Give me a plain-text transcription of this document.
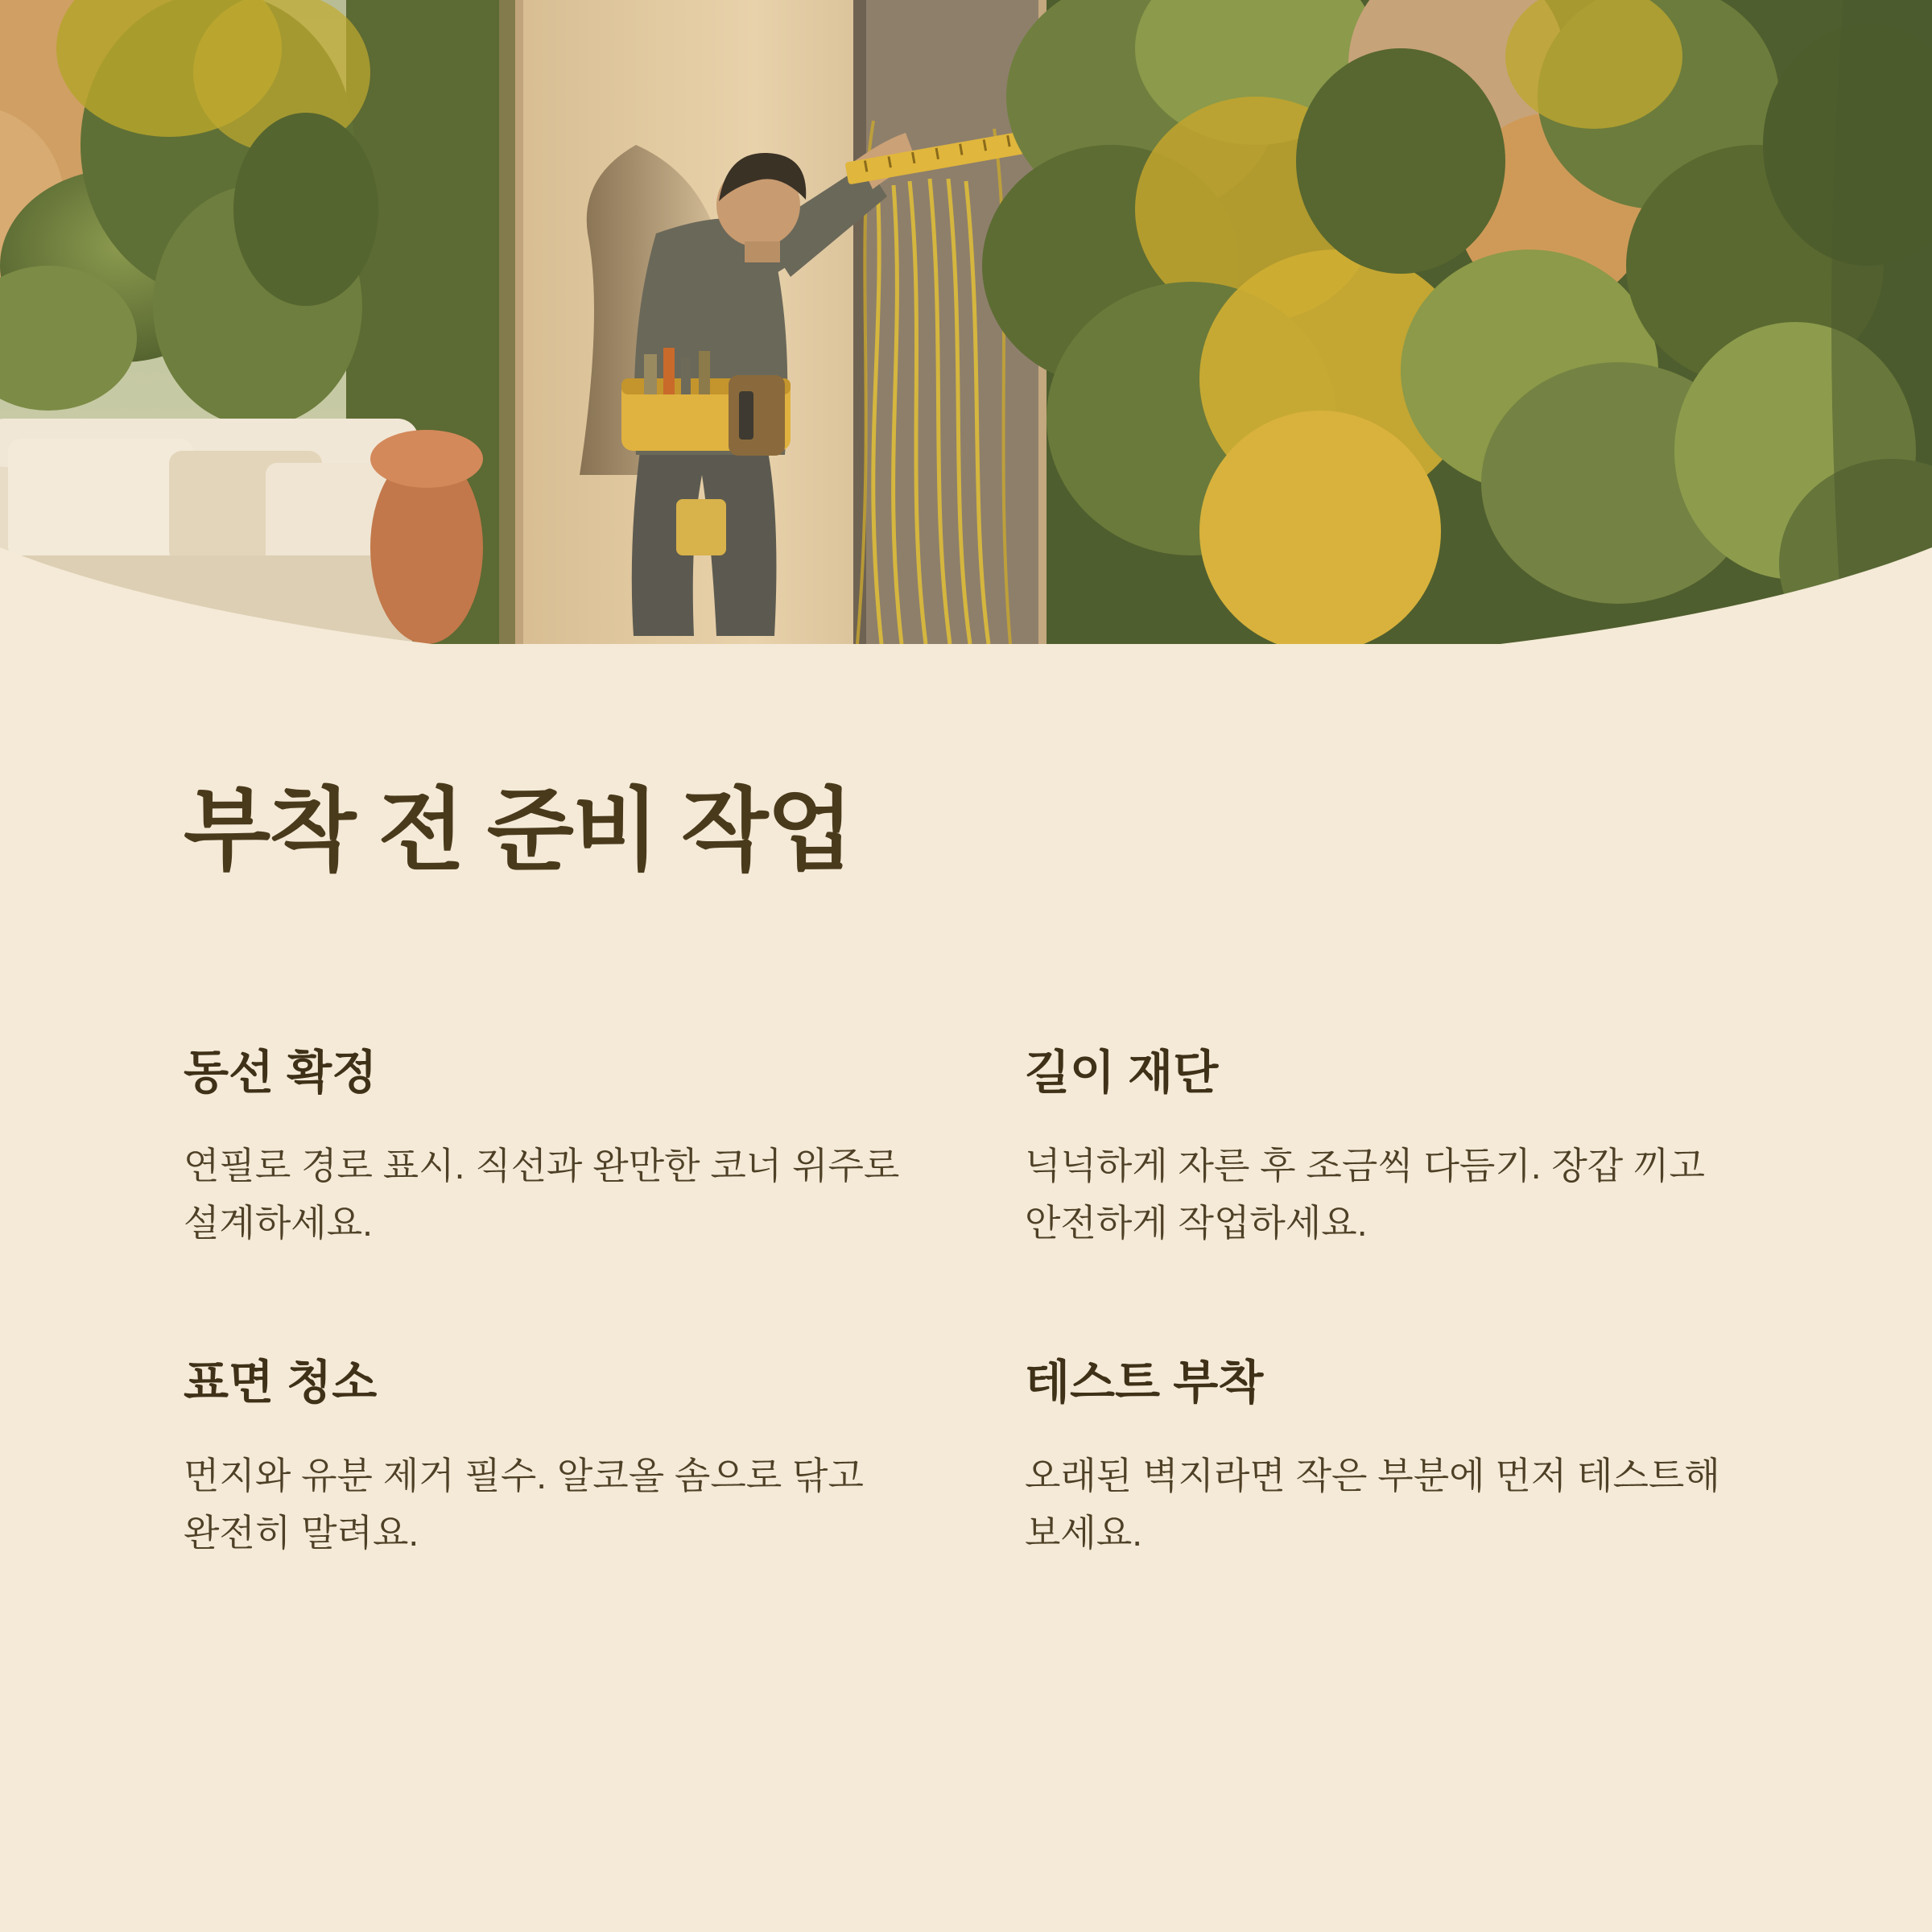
부착 전 준비 작업
동선 확정

연필로 경로 표시. 직선과 완만한 코너 위주로 설계하세요.

길이 재단

넉넉하게 자른 후 조금씩 다듬기. 장갑 끼고 안전하게 작업하세요.

표면 청소

먼지와 유분 제거 필수. 알코올 솜으로 닦고 완전히 말려요.

테스트 부착

오래된 벽지라면 작은 부분에 먼저 테스트해 보세요.
